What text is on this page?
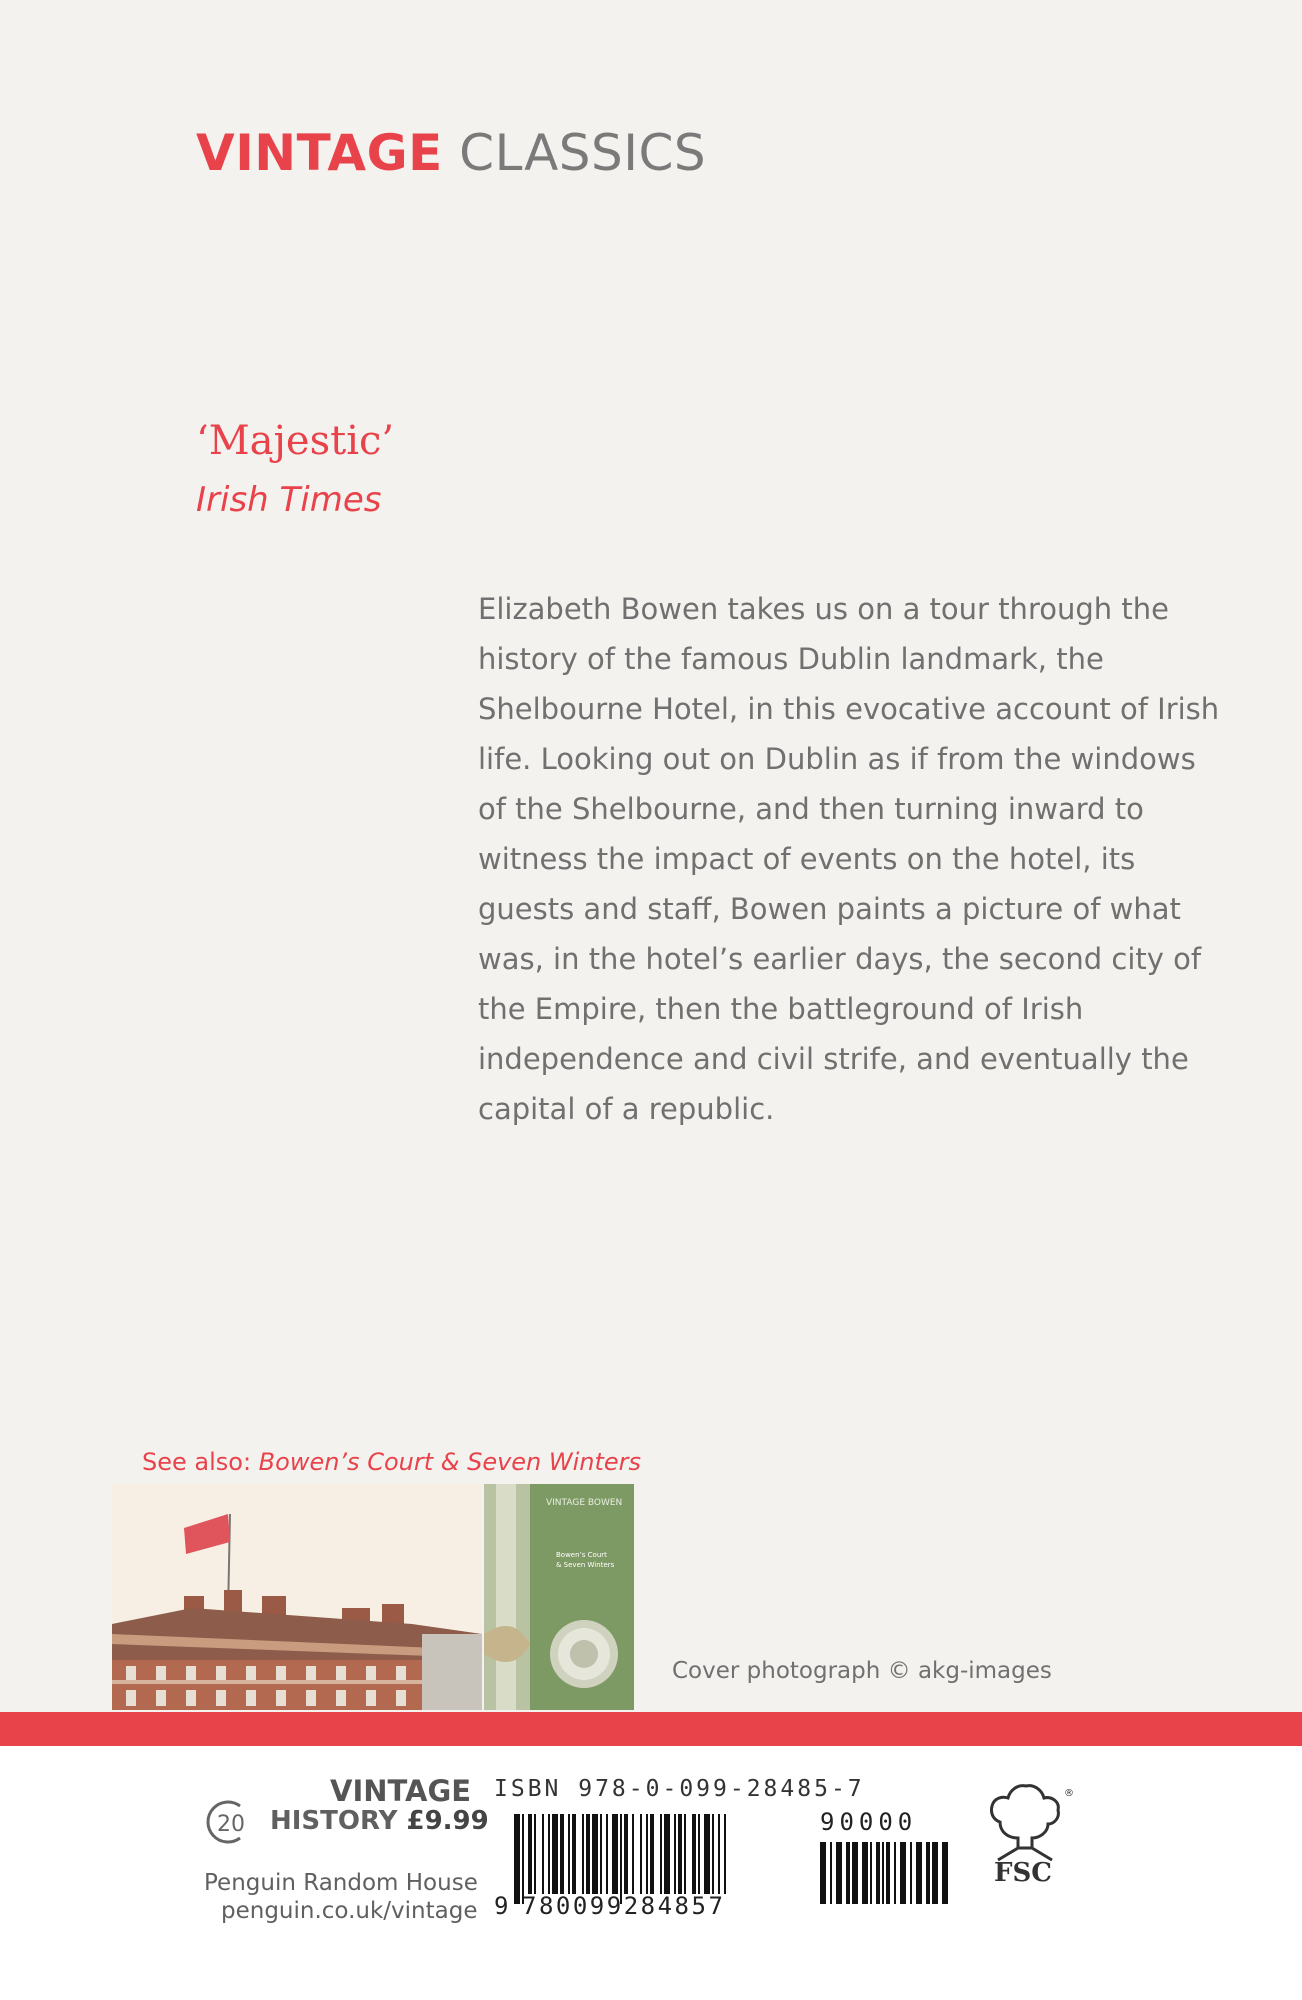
VINTAGE CLASSICS
‘Majestic’
Irish Times
Elizabeth Bowen takes us on a tour through the
history of the famous Dublin landmark, the
Shelbourne Hotel, in this evocative account of Irish
life. Looking out on Dublin as if from the windows
of the Shelbourne, and then turning inward to
witness the impact of events on the hotel, its
guests and staff, Bowen paints a picture of what
was, in the hotel’s earlier days, the second city of
the Empire, then the battleground of Irish
independence and civil strife, and eventually the
capital of a republic.
See also: Bowen’s Court & Seven Winters
VINTAGE BOWEN
Bowen’s Court
& Seven Winters
Cover photograph © akg-images
VINTAGE
20 HISTORY £9.99
Penguin Random House
penguin.co.uk/vintage
ISBN 978-0-099-28485-7
9 780099284857
90000
®
FSC
